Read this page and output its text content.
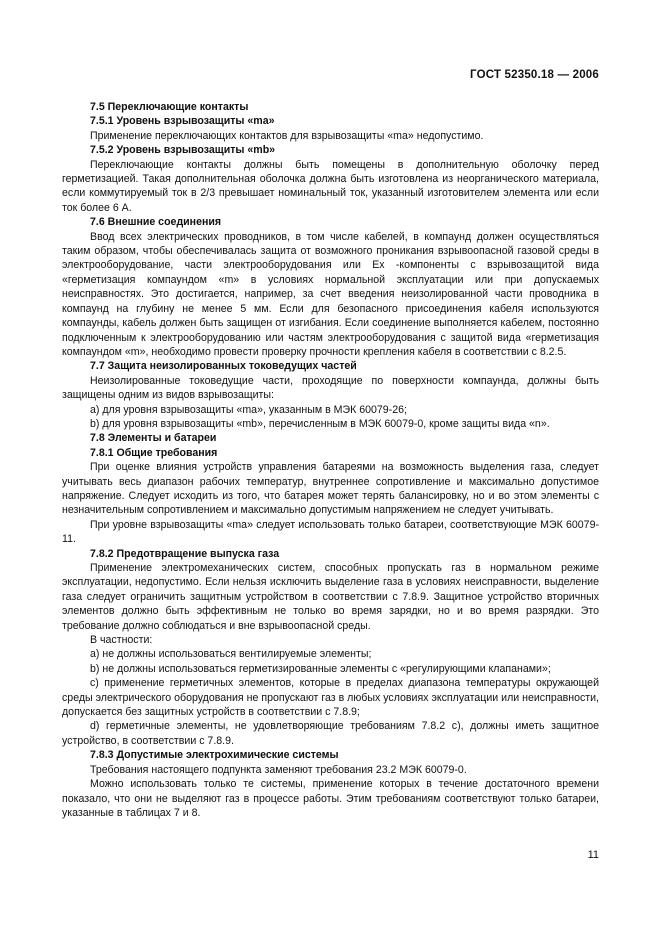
ГОСТ 52350.18 — 2006

7.5 Переключающие контакты

7.5.1 Уровень взрывозащиты «ma»

Применение переключающих контактов для взрывозащиты «ma» недопустимо.

7.5.2 Уровень взрывозащиты «mb»

Переключающие контакты должны быть помещены в дополнительную оболочку перед герметизацией. Такая дополнительная оболочка должна быть изготовлена из неорганического материала, если коммутируемый ток в 2/3 превышает номинальный ток, указанный изготовителем элемента или если ток более 6 А.

7.6 Внешние соединения

Ввод всех электрических проводников, в том числе кабелей, в компаунд должен осуществляться таким образом, чтобы обеспечивалась защита от возможного проникания взрывоопасной газовой среды в электрооборудование, части электрооборудования или Ex -компоненты с взрывозащитой вида «герметизация компаундом «m» в условиях нормальной эксплуатации или при допускаемых неисправностях. Это достигается, например, за счет введения неизолированной части проводника в компаунд на глубину не менее 5 мм. Если для безопасного присоединения кабеля используются компаунды, кабель должен быть защищен от изгибания. Если соединение выполняется кабелем, постоянно подключенным к электрооборудованию или частям электрооборудования с защитой вида «герметизация компаундом «m», необходимо провести проверку прочности крепления кабеля в соответствии с 8.2.5.

7.7 Защита неизолированных токоведущих частей

Неизолированные токоведущие части, проходящие по поверхности компаунда, должны быть защищены одним из видов взрывозащиты:

а) для уровня взрывозащиты «ma», указанным в МЭК 60079-26;

b) для уровня взрывозащиты «mb», перечисленным в МЭК 60079-0, кроме защиты вида «n».

7.8 Элементы и батареи

7.8.1 Общие требования

При оценке влияния устройств управления батареями на возможность выделения газа, следует учитывать весь диапазон рабочих температур, внутреннее сопротивление и максимально допустимое напряжение. Следует исходить из того, что батарея может терять балансировку, но и во этом элементы с незначительным сопротивлением и максимально допустимым напряжением не следует учитывать.

При уровне взрывозащиты «ma» следует использовать только батареи, соответствующие МЭК 60079-11.

7.8.2 Предотвращение выпуска газа

Применение электромеханических систем, способных пропускать газ в нормальном режиме эксплуатации, недопустимо. Если нельзя исключить выделение газа в условиях неисправности, выделение газа следует ограничить защитным устройством в соответствии с 7.8.9. Защитное устройство вторичных элементов должно быть эффективным не только во время зарядки, но и во время разрядки. Это требование должно соблюдаться и вне взрывоопасной среды.

В частности:

а) не должны использоваться вентилируемые элементы;

b) не должны использоваться герметизированные элементы с «регулирующими клапанами»;

c) применение герметичных элементов, которые в пределах диапазона температуры окружающей среды электрического оборудования не пропускают газ в любых условиях эксплуатации или неисправности, допускается без защитных устройств в соответствии с 7.8.9;

d) герметичные элементы, не удовлетворяющие требованиям 7.8.2 с), должны иметь защитное устройство, в соответствии с 7.8.9.

7.8.3 Допустимые электрохимические системы

Требования настоящего подпункта заменяют требования 23.2 МЭК 60079-0.

Можно использовать только те системы, применение которых в течение достаточного времени показало, что они не выделяют газ в процессе работы. Этим требованиям соответствуют только батареи, указанные в таблицах 7 и 8.

11
